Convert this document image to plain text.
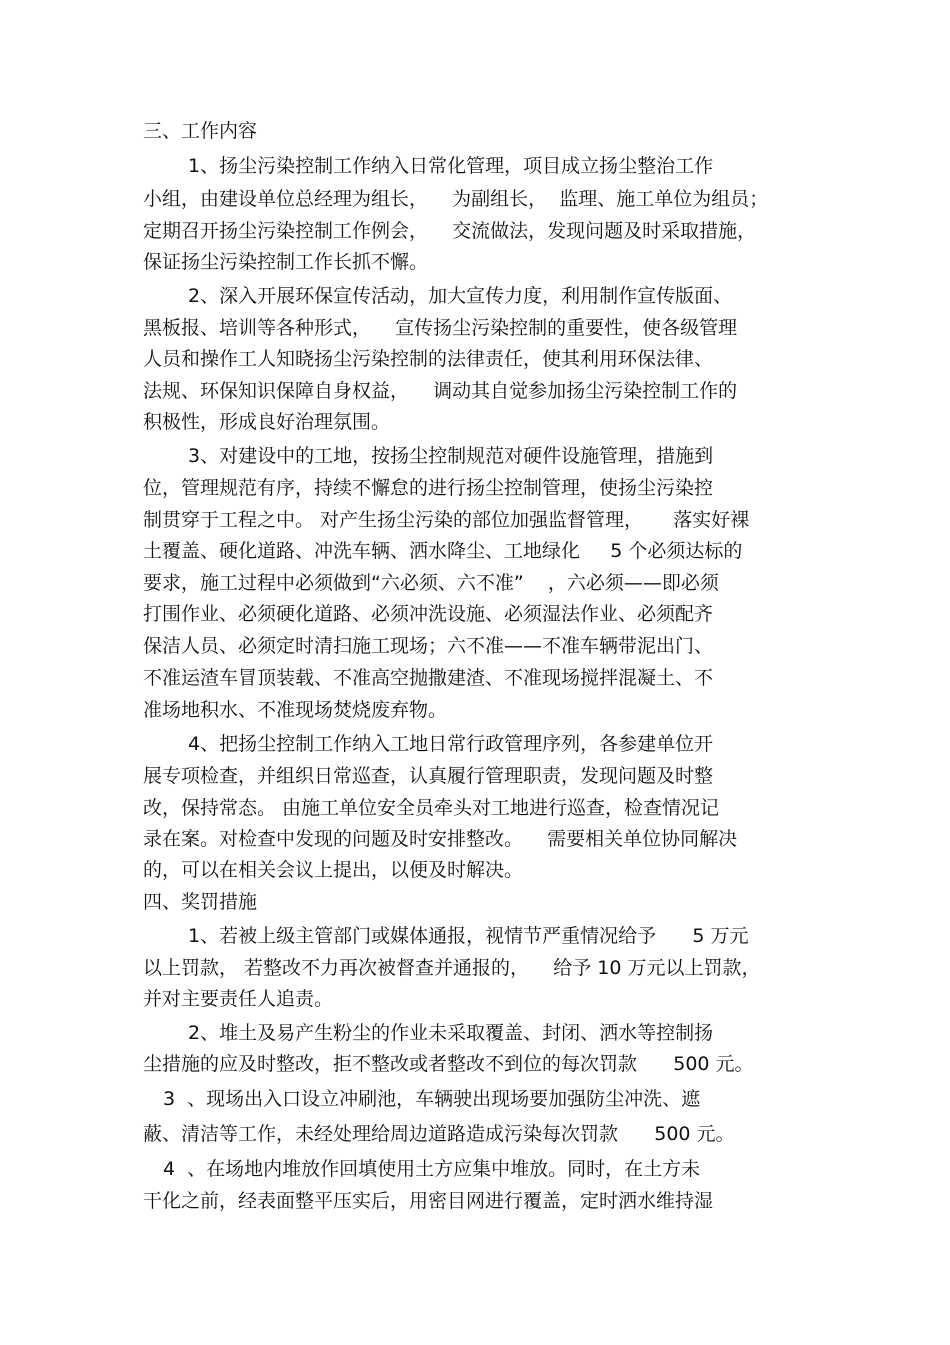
三、工作内容
1、扬尘污染控制工作纳入日常化管理，项目成立扬尘整治工作
小组，由建设单位总经理为组长，    为副组长，  监理、施工单位为组员；
定期召开扬尘污染控制工作例会，    交流做法，发现问题及时采取措施，
保证扬尘污染控制工作长抓不懈。
2、深入开展环保宣传活动，加大宣传力度，利用制作宣传版面、
黑板报、培训等各种形式，    宣传扬尘污染控制的重要性，使各级管理
人员和操作工人知晓扬尘污染控制的法律责任，使其利用环保法律、
法规、环保知识保障自身权益，    调动其自觉参加扬尘污染控制工作的
积极性，形成良好治理氛围。
3、对建设中的工地，按扬尘控制规范对硬件设施管理，措施到
位，管理规范有序，持续不懈怠的进行扬尘控制管理，使扬尘污染控
制贯穿于工程之中。 对产生扬尘污染的部位加强监督管理，     落实好裸
土覆盖、硬化道路、冲洗车辆、洒水降尘、工地绿化     5 个必须达标的
要求，施工过程中必须做到“六必须、六不准”    ，六必须——即必须
打围作业、必须硬化道路、必须冲洗设施、必须湿法作业、必须配齐
保洁人员、必须定时清扫施工现场；六不准——不准车辆带泥出门、
不准运渣车冒顶装载、不准高空抛撒建渣、不准现场搅拌混凝土、不
准场地积水、不准现场焚烧废弃物。
4、把扬尘控制工作纳入工地日常行政管理序列，各参建单位开
展专项检查，并组织日常巡查，认真履行管理职责，发现问题及时整
改，保持常态。 由施工单位安全员牵头对工地进行巡查，检查情况记
录在案。对检查中发现的问题及时安排整改。    需要相关单位协同解决
的，可以在相关会议上提出，以便及时解决。
四、奖罚措施
1、若被上级主管部门或媒体通报，视情节严重情况给予      5 万元
以上罚款， 若整改不力再次被督查并通报的，    给予 10 万元以上罚款，
并对主要责任人追责。
2、堆土及易产生粉尘的作业未采取覆盖、封闭、洒水等控制扬
尘措施的应及时整改，拒不整改或者整改不到位的每次罚款      500 元。
3  、现场出入口设立冲刷池，车辆驶出现场要加强防尘冲洗、遮
蔽、清洁等工作，未经处理给周边道路造成污染每次罚款      500 元。
4  、在场地内堆放作回填使用土方应集中堆放。同时，在土方未
干化之前，经表面整平压实后，用密目网进行覆盖，定时洒水维持湿
